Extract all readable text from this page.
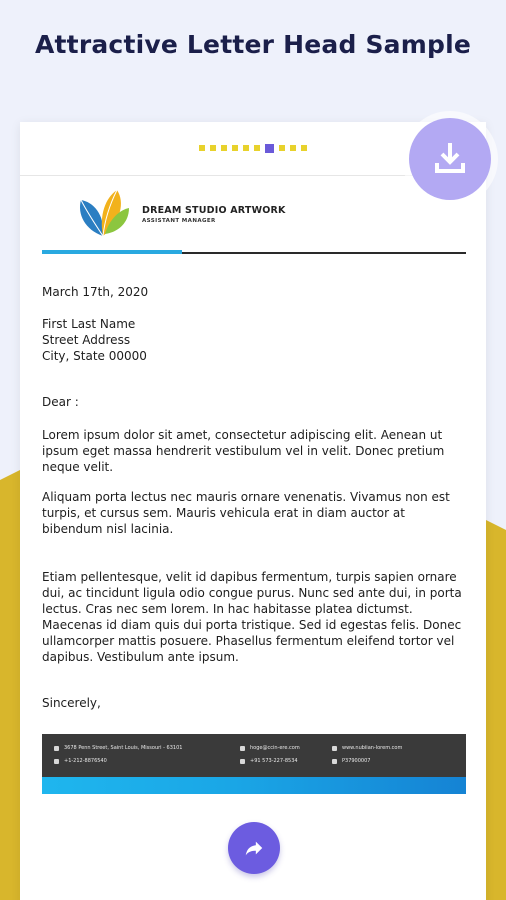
Attractive Letter Head Sample
DREAM STUDIO ARTWORK
ASSISTANT MANAGER
March 17th, 2020

First Last Name

Street Address

City, State 00000

Dear :
Lorem ipsum dolor sit amet, consectetur adipiscing elit. Aenean ut ipsum eget massa hendrerit vestibulum vel in velit. Donec pretium neque velit.
Aliquam porta lectus nec mauris ornare venenatis. Vivamus non est turpis, et cursus sem. Mauris vehicula erat in diam auctor at bibendum nisl lacinia.
Etiam pellentesque, velit id dapibus fermentum, turpis sapien ornare dui, ac tincidunt ligula odio congue purus. Nunc sed ante dui, in porta lectus. Cras nec sem lorem. In hac habitasse platea dictumst. Maecenas id diam quis dui porta tristique. Sed id egestas felis. Donec ullamcorper mattis posuere. Phasellus fermentum eleifend tortor vel dapibus. Vestibulum ante ipsum.
Sincerely,
3678 Penn Street, Saint Louis, Missouri - 63101
+1-212-8876540
hoge@ccin-ere.com
+91 573-227-8534
www.nubiian-lorem.com
P37900007
